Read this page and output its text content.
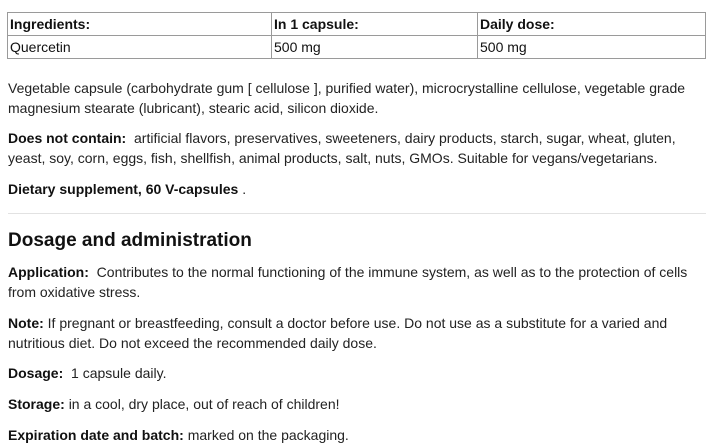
Ingredients:	In 1 capsule:	Daily dose:
Quercetin	500 mg	500 mg

Vegetable capsule (carbohydrate gum [ cellulose ], purified water), microcrystalline cellulose, vegetable grade magnesium stearate (lubricant), stearic acid, silicon dioxide.

Does not contain: artificial flavors, preservatives, sweeteners, dairy products, starch, sugar, wheat, gluten, yeast, soy, corn, eggs, fish, shellfish, animal products, salt, nuts, GMOs. Suitable for vegans/vegetarians.

Dietary supplement, 60 V-capsules .

Dosage and administration

Application: Contributes to the normal functioning of the immune system, as well as to the protection of cells from oxidative stress.

Note: If pregnant or breastfeeding, consult a doctor before use. Do not use as a substitute for a varied and nutritious diet. Do not exceed the recommended daily dose.

Dosage: 1 capsule daily.

Storage: in a cool, dry place, out of reach of children!

Expiration date and batch: marked on the packaging.
